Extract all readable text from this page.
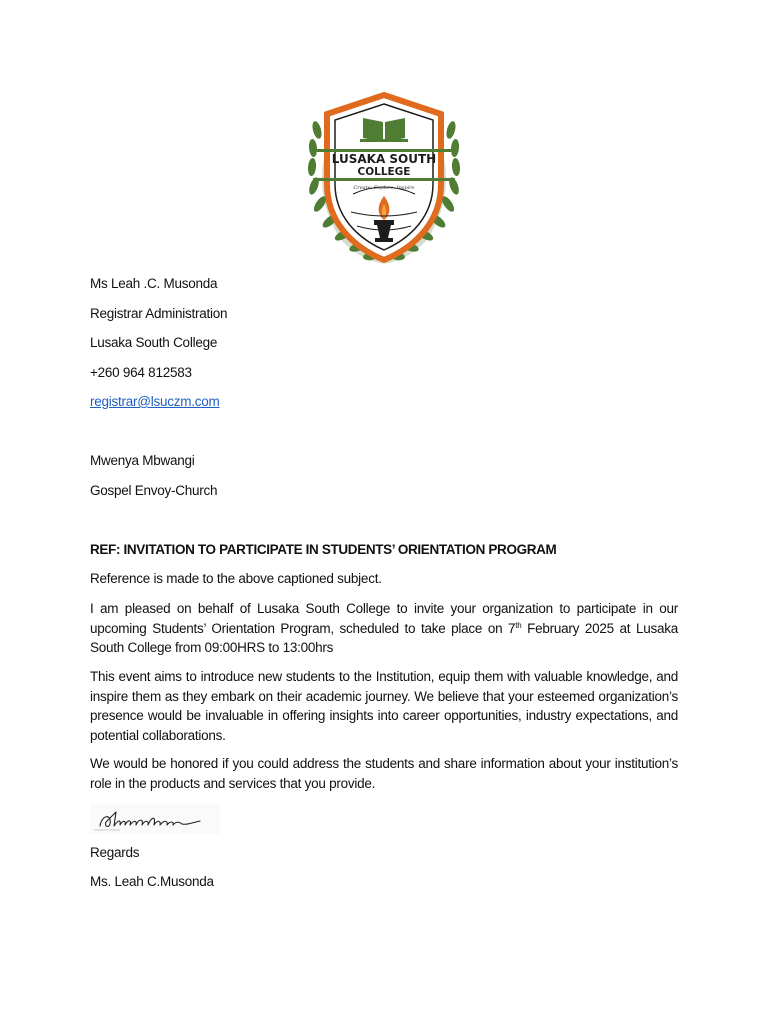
LUSAKA SOUTH
COLLEGE
Create, Explore, Inspire
Ms Leah .C. Musonda
Registrar Administration
Lusaka South College
+260 964 812583
registrar@lsuczm.com
Mwenya Mbwangi
Gospel Envoy-Church
REF: INVITATION TO PARTICIPATE IN STUDENTS’ ORIENTATION PROGRAM
Reference is made to the above captioned subject.
I am pleased on behalf of Lusaka South College to invite your organization to participate in our upcoming Students’ Orientation Program, scheduled to take place on 7th February 2025 at Lusaka South College from 09:00HRS to 13:00hrs
This event aims to introduce new students to the Institution, equip them with valuable knowledge, and inspire them as they embark on their academic journey. We believe that your esteemed organization’s presence would be invaluable in offering insights into career opportunities, industry expectations, and potential collaborations.
We would be honored if you could address the students and share information about your institution’s role in the products and services that you provide.
Regards
Ms. Leah C.Musonda
